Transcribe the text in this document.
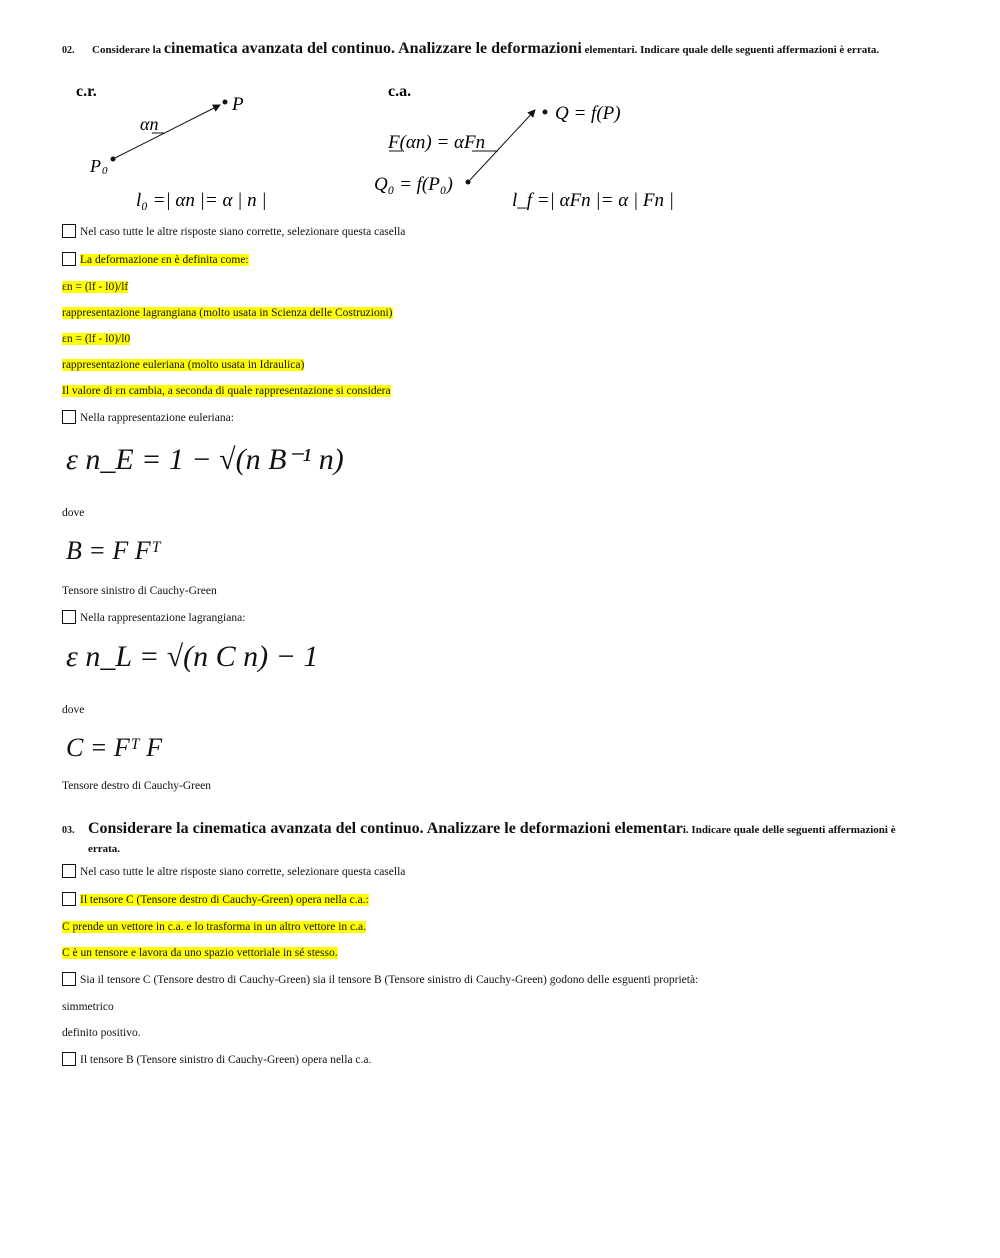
02. Considerare la cinematica avanzata del continuo. Analizzare le deformazioni elementari. Indicare quale delle seguenti affermazioni è errata.
c.r.
P
αn
P 0
l₀ =| αn |= α | n |
c.a.
F(αn) = αFn
Q = f(P)
Q₀ = f(P₀)
l_f =| αFn |= α | Fn |
Nel caso tutte le altre risposte siano corrette, selezionare questa casella
La deformazione εn è definita come:
εn = (lf - l0)/lf
rappresentazione lagrangiana (molto usata in Scienza delle Costruzioni)
εn = (lf - l0)/l0
rappresentazione euleriana (molto usata in Idraulica)
Il valore di εn cambia, a seconda di quale rappresentazione si considera
Nella rappresentazione euleriana:
ε n_E = 1 − √(n B⁻¹ n)
dove
B = F Fᵀ
Tensore sinistro di Cauchy-Green
Nella rappresentazione lagrangiana:
ε n_L = √(n C n) − 1
dove
C = Fᵀ F
Tensore destro di Cauchy-Green
03. Considerare la cinematica avanzata del continuo. Analizzare le deformazioni elementari. Indicare quale delle seguenti affermazioni è
errata.
Nel caso tutte le altre risposte siano corrette, selezionare questa casella
Il tensore C (Tensore destro di Cauchy-Green) opera nella c.a.:
C prende un vettore in c.a. e lo trasforma in un altro vettore in c.a.
C è un tensore e lavora da uno spazio vettoriale in sé stesso.
Sia il tensore C (Tensore destro di Cauchy-Green) sia il tensore B (Tensore sinistro di Cauchy-Green) godono delle esguenti proprietà:
simmetrico
definito positivo.
Il tensore B (Tensore sinistro di Cauchy-Green) opera nella c.a.
